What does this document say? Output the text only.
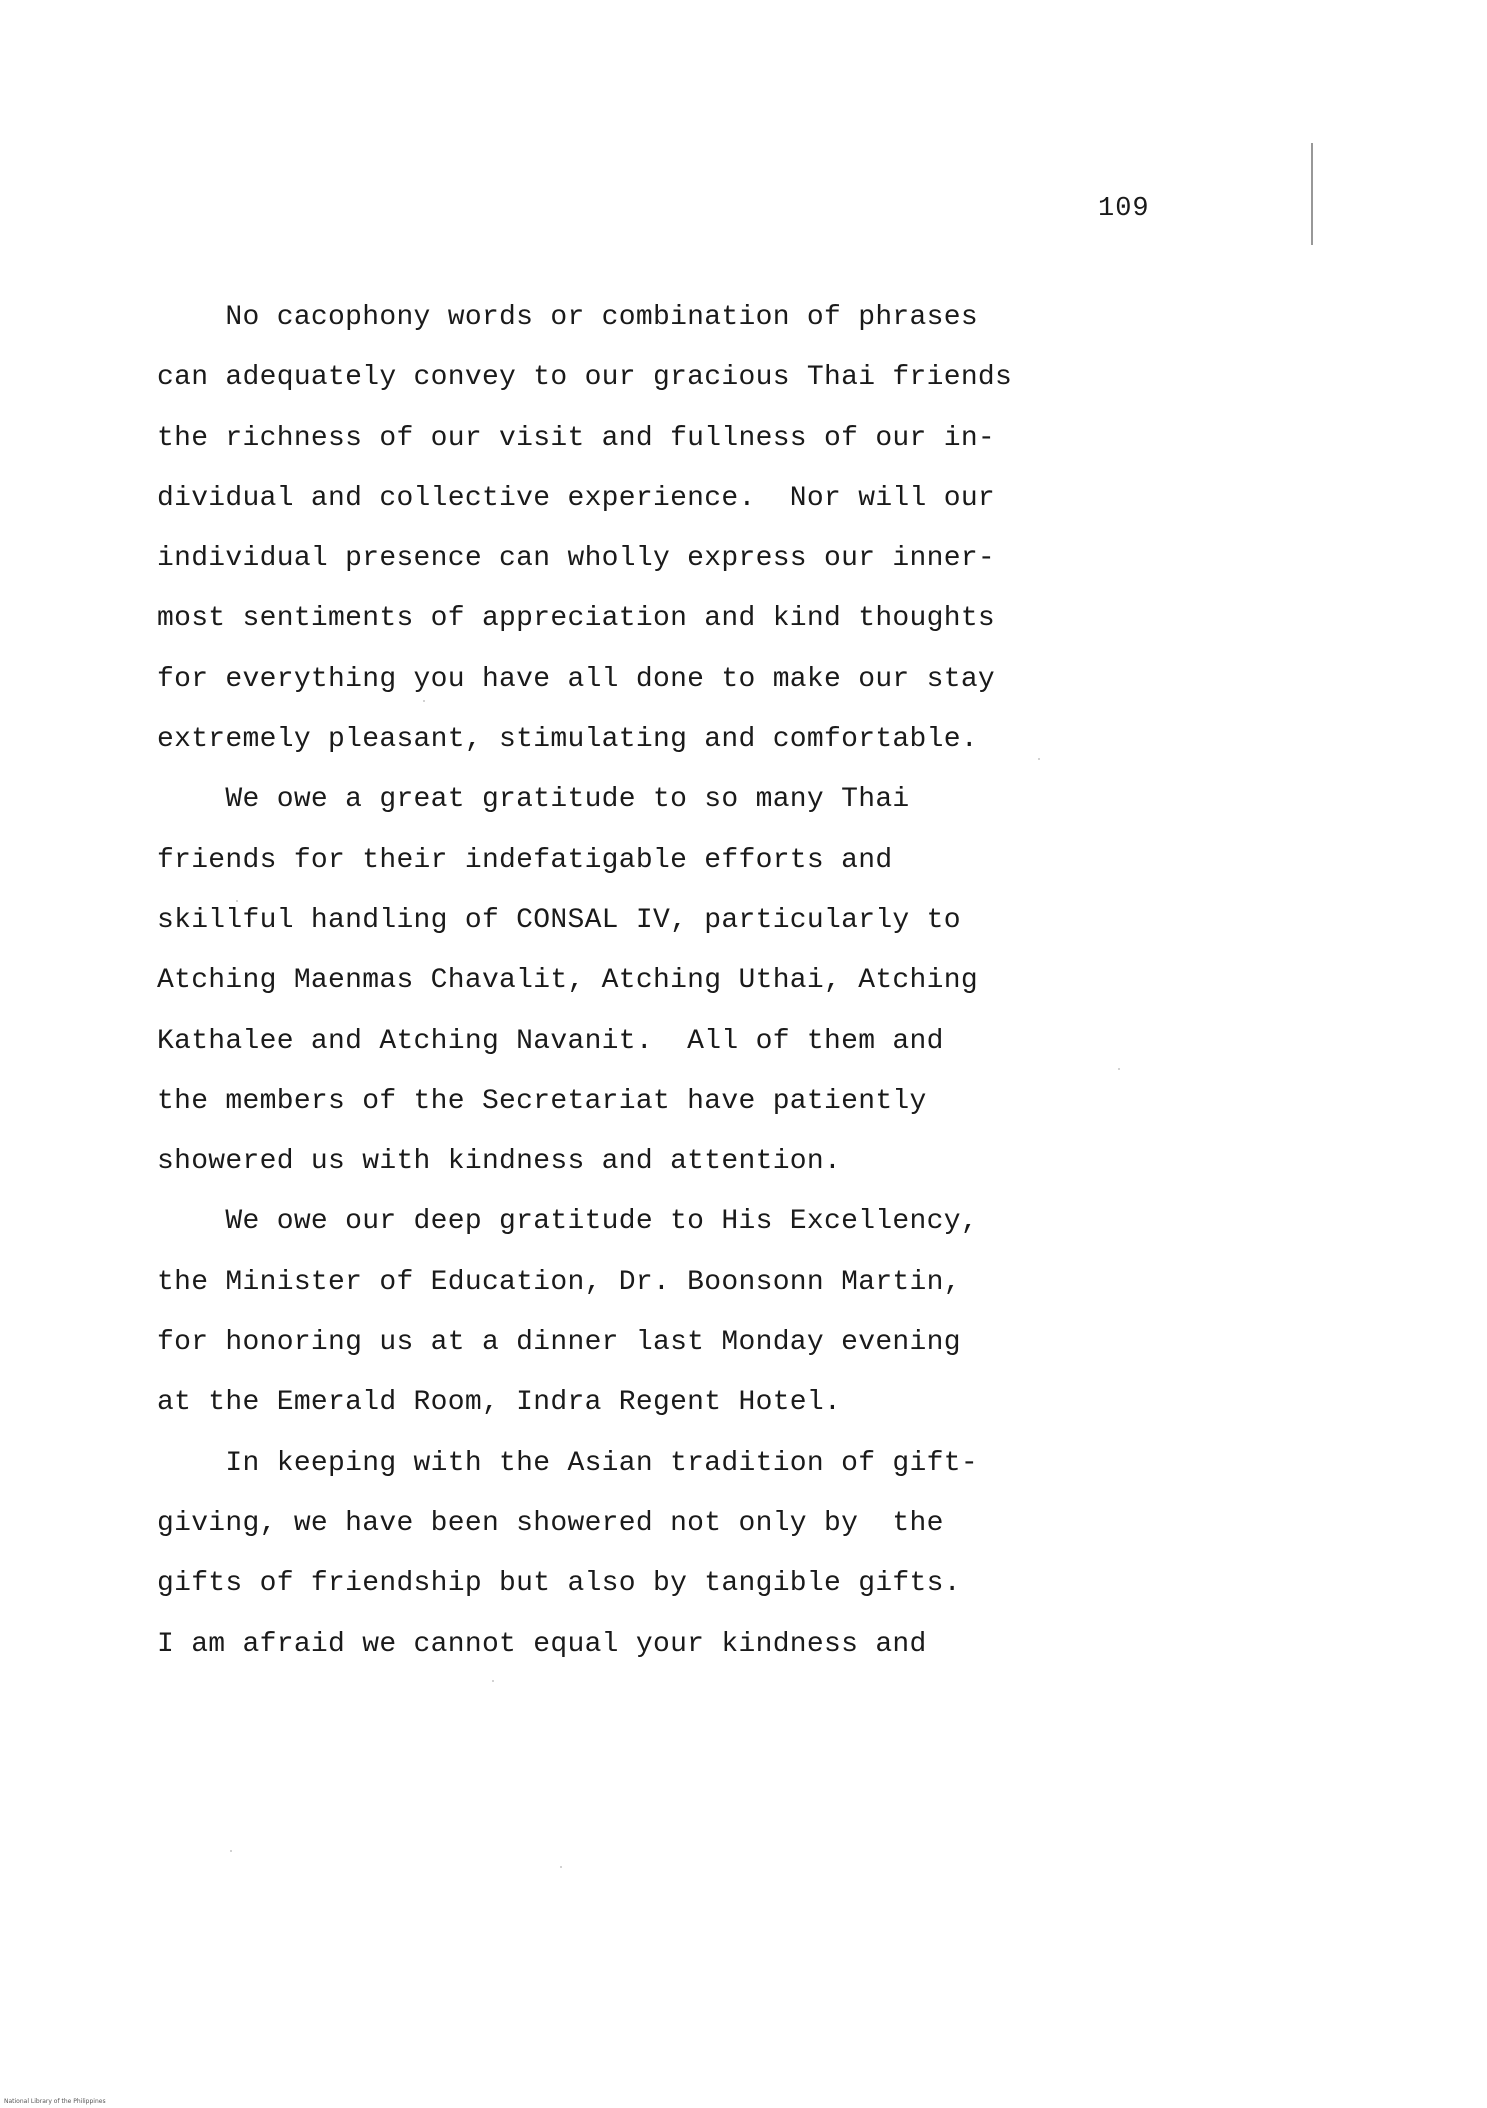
109
No cacophony words or combination of phrases
can adequately convey to our gracious Thai friends
the richness of our visit and fullness of our in-
dividual and collective experience.  Nor will our
individual presence can wholly express our inner-
most sentiments of appreciation and kind thoughts
for everything you have all done to make our stay
extremely pleasant, stimulating and comfortable.
We owe a great gratitude to so many Thai
friends for their indefatigable efforts and
skillful handling of CONSAL IV, particularly to
Atching Maenmas Chavalit, Atching Uthai, Atching
Kathalee and Atching Navanit.  All of them and
the members of the Secretariat have patiently
showered us with kindness and attention.
We owe our deep gratitude to His Excellency,
the Minister of Education, Dr. Boonsonn Martin,
for honoring us at a dinner last Monday evening
at the Emerald Room, Indra Regent Hotel.
In keeping with the Asian tradition of gift-
giving, we have been showered not only by  the
gifts of friendship but also by tangible gifts.
I am afraid we cannot equal your kindness and
National Library of the Philippines
